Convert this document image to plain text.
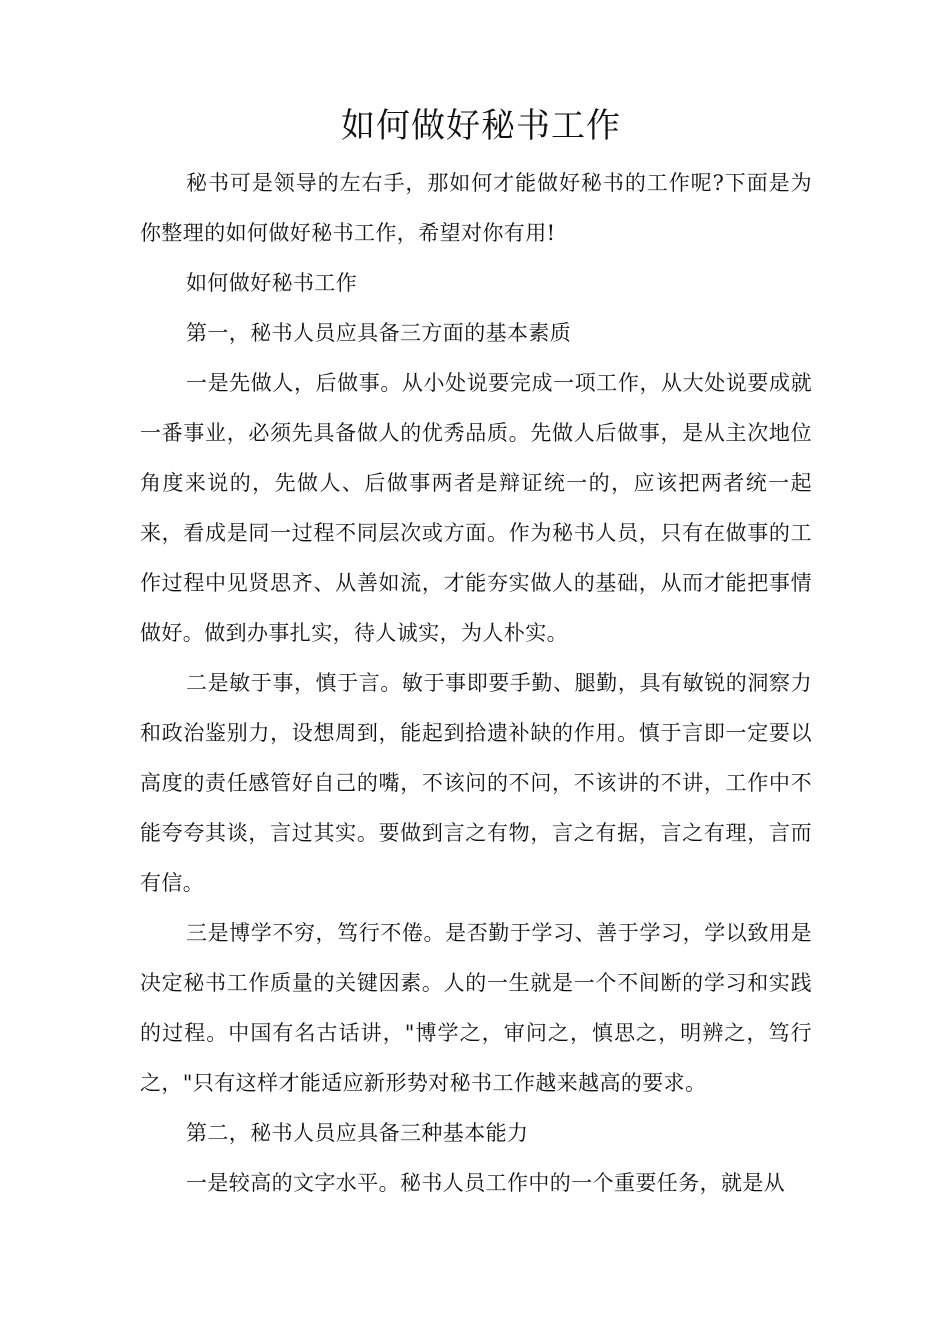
如何做好秘书工作

秘书可是领导的左右手，那如何才能做好秘书的工作呢?下面是为你整理的如何做好秘书工作，希望对你有用!

如何做好秘书工作

第一，秘书人员应具备三方面的基本素质

一是先做人，后做事。从小处说要完成一项工作，从大处说要成就一番事业，必须先具备做人的优秀品质。先做人后做事，是从主次地位角度来说的，先做人、后做事两者是辩证统一的，应该把两者统一起来，看成是同一过程不同层次或方面。作为秘书人员，只有在做事的工作过程中见贤思齐、从善如流，才能夯实做人的基础，从而才能把事情做好。做到办事扎实，待人诚实，为人朴实。

二是敏于事，慎于言。敏于事即要手勤、腿勤，具有敏锐的洞察力和政治鉴别力，设想周到，能起到拾遗补缺的作用。慎于言即一定要以高度的责任感管好自己的嘴，不该问的不问，不该讲的不讲，工作中不能夸夸其谈，言过其实。要做到言之有物，言之有据，言之有理，言而有信。

三是博学不穷，笃行不倦。是否勤于学习、善于学习，学以致用是决定秘书工作质量的关键因素。人的一生就是一个不间断的学习和实践的过程。中国有名古话讲，"博学之，审问之，慎思之，明辨之，笃行之，"只有这样才能适应新形势对秘书工作越来越高的要求。

第二，秘书人员应具备三种基本能力

一是较高的文字水平。秘书人员工作中的一个重要任务，就是从
